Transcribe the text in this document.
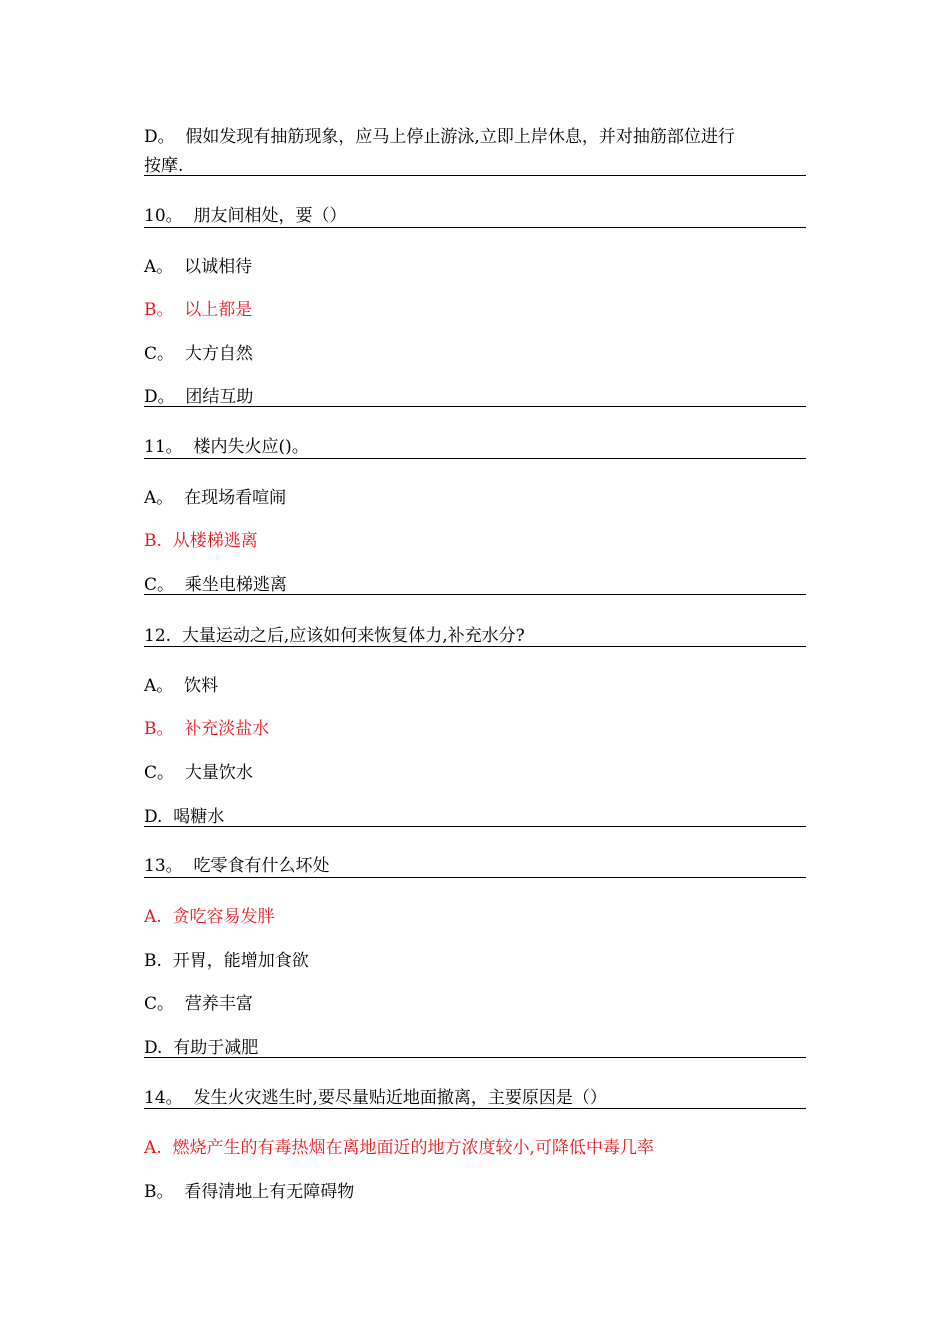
D。  假如发现有抽筋现象，应马上停止游泳,立即上岸休息，并对抽筋部位进行
按摩.
10。  朋友间相处，要（）
A。  以诚相待
B。  以上都是
C。  大方自然
D。  团结互助
11。  楼内失火应()。
A。  在现场看喧闹
B.  从楼梯逃离
C。  乘坐电梯逃离
12.  大量运动之后,应该如何来恢复体力,补充水分?
A。  饮料
B。  补充淡盐水
C。  大量饮水
D.  喝糖水
13。  吃零食有什么坏处
A.  贪吃容易发胖
B.  开胃，能增加食欲
C。  营养丰富
D.  有助于减肥
14。  发生火灾逃生时,要尽量贴近地面撤离，主要原因是（）
A.  燃烧产生的有毒热烟在离地面近的地方浓度较小,可降低中毒几率
B。  看得清地上有无障碍物
